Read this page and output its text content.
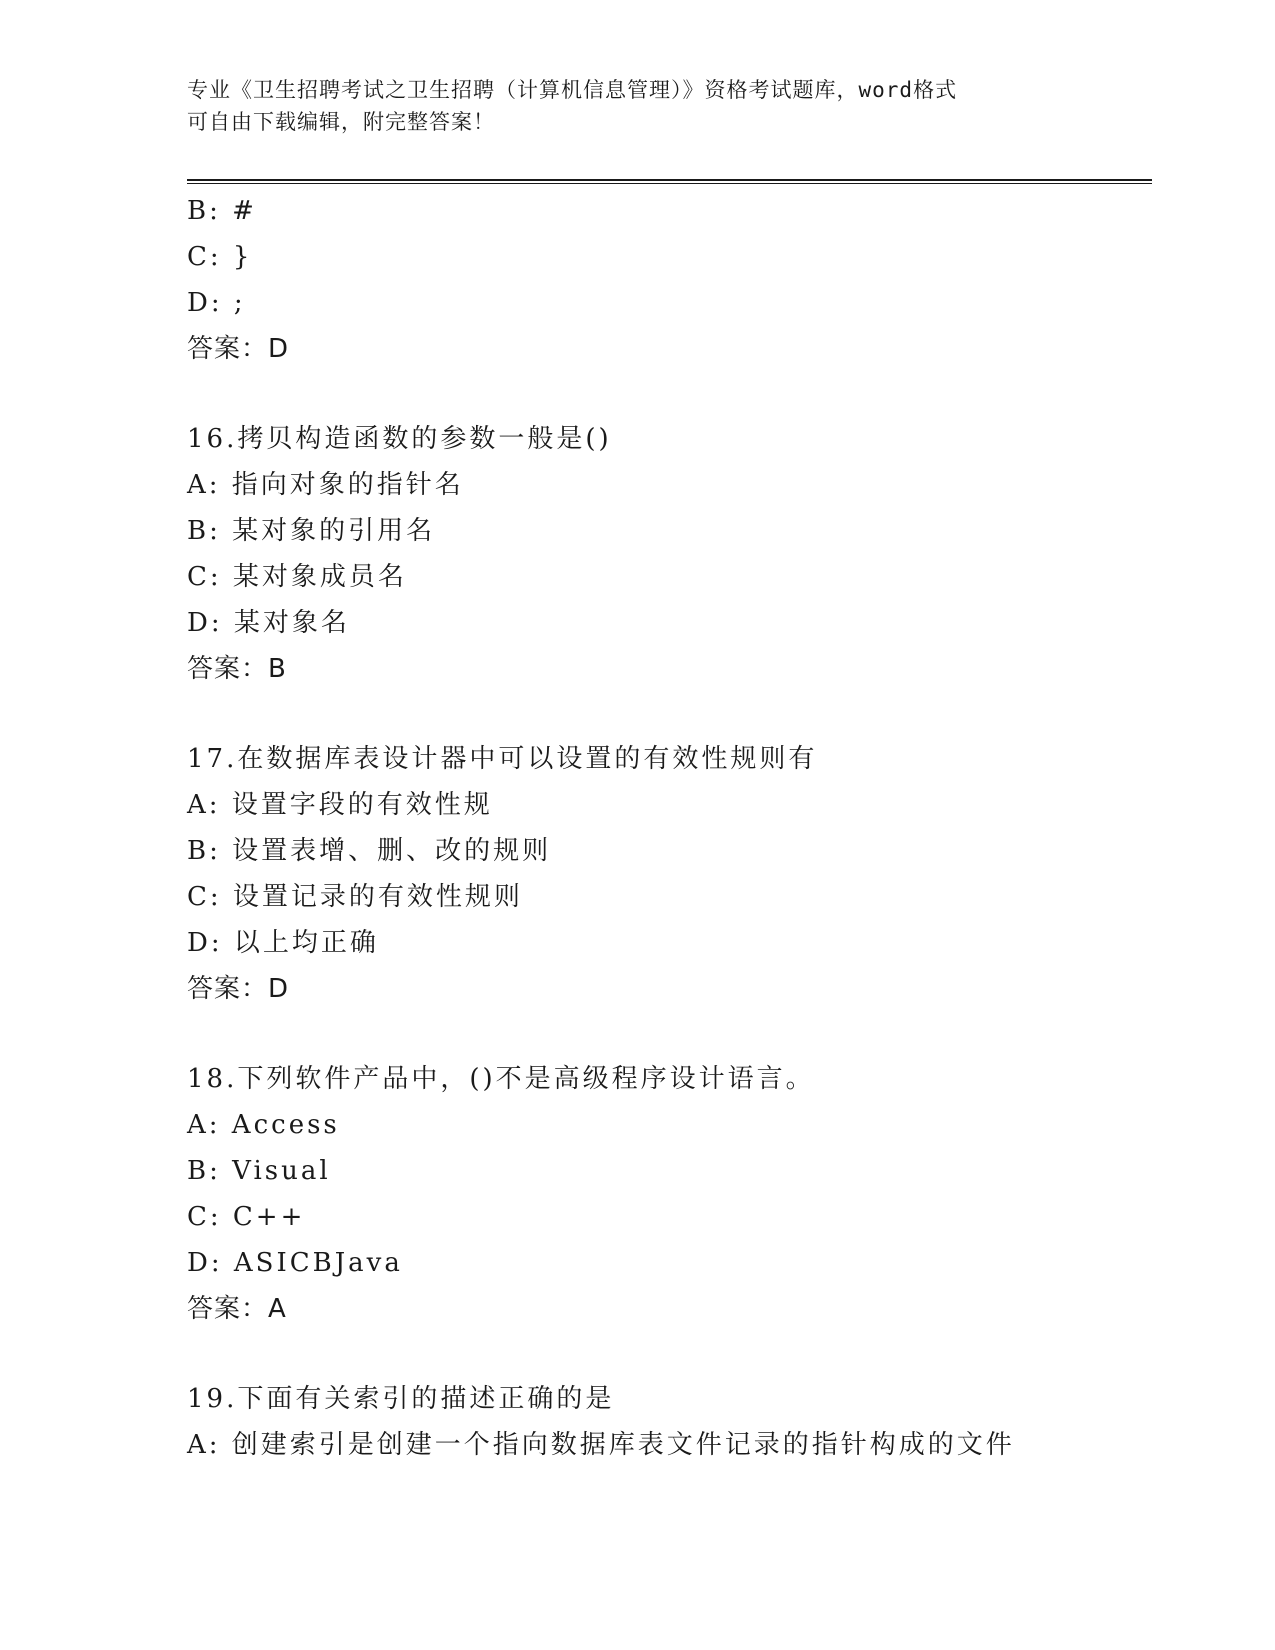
专业《卫生招聘考试之卫生招聘（计算机信息管理）》资格考试题库，word格式
可自由下载编辑，附完整答案！
B: #
C: }
D: ;
答案：D
16.拷贝构造函数的参数一般是()
A: 指向对象的指针名
B: 某对象的引用名
C: 某对象成员名
D: 某对象名
答案：B
17.在数据库表设计器中可以设置的有效性规则有
A: 设置字段的有效性规
B: 设置表增、删、改的规则
C: 设置记录的有效性规则
D: 以上均正确
答案：D
18.下列软件产品中，()不是高级程序设计语言。
A: Access
B: Visual
C: C++
D: ASICBJava
答案：A
19.下面有关索引的描述正确的是
A: 创建索引是创建一个指向数据库表文件记录的指针构成的文件
